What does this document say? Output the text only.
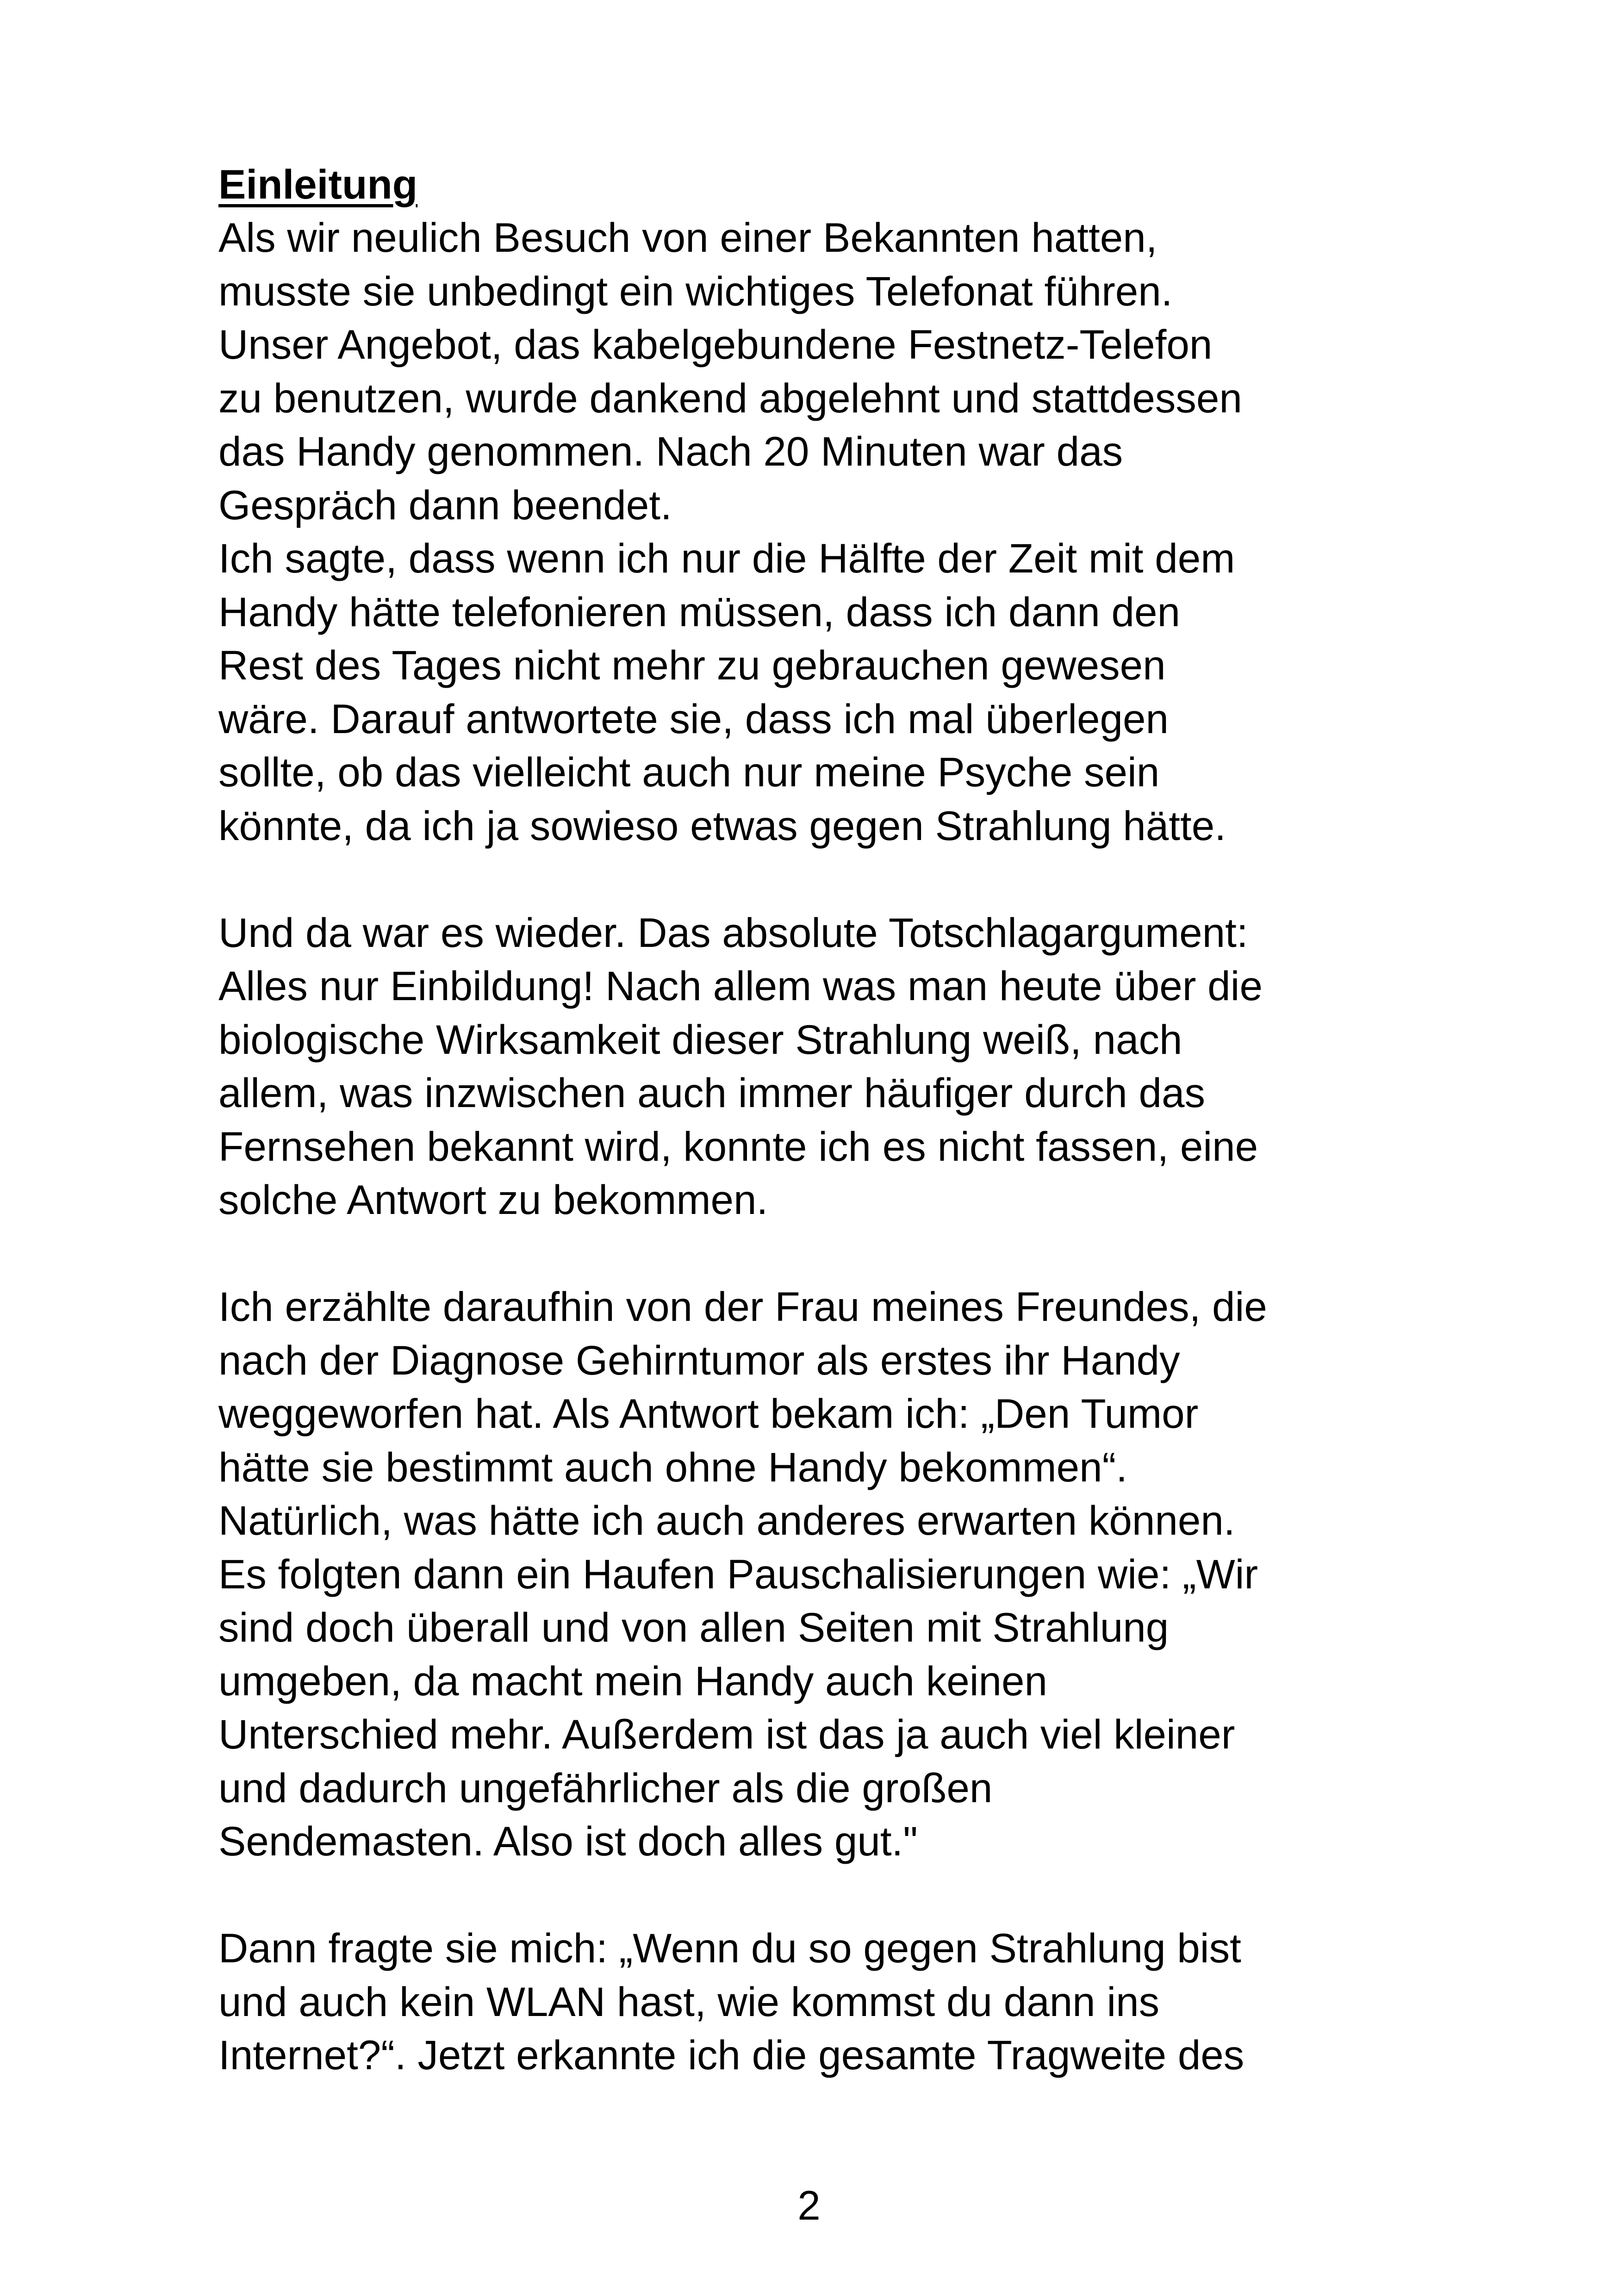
Einleitung

Als wir neulich Besuch von einer Bekannten hatten,
musste sie unbedingt ein wichtiges Telefonat führen.
Unser Angebot, das kabelgebundene Festnetz-Telefon
zu benutzen, wurde dankend abgelehnt und stattdessen
das Handy genommen. Nach 20 Minuten war das
Gespräch dann beendet.

Ich sagte, dass wenn ich nur die Hälfte der Zeit mit dem
Handy hätte telefonieren müssen, dass ich dann den
Rest des Tages nicht mehr zu gebrauchen gewesen
wäre. Darauf antwortete sie, dass ich mal überlegen
sollte, ob das vielleicht auch nur meine Psyche sein
könnte, da ich ja sowieso etwas gegen Strahlung hätte.

Und da war es wieder. Das absolute Totschlagargument:
Alles nur Einbildung! Nach allem was man heute über die
biologische Wirksamkeit dieser Strahlung weiß, nach
allem, was inzwischen auch immer häufiger durch das
Fernsehen bekannt wird, konnte ich es nicht fassen, eine
solche Antwort zu bekommen.

Ich erzählte daraufhin von der Frau meines Freundes, die
nach der Diagnose Gehirntumor als erstes ihr Handy
weggeworfen hat. Als Antwort bekam ich: „Den Tumor
hätte sie bestimmt auch ohne Handy bekommen“.
Natürlich, was hätte ich auch anderes erwarten können.
Es folgten dann ein Haufen Pauschalisierungen wie: „Wir
sind doch überall und von allen Seiten mit Strahlung
umgeben, da macht mein Handy auch keinen
Unterschied mehr. Außerdem ist das ja auch viel kleiner
und dadurch ungefährlicher als die großen
Sendemasten. Also ist doch alles gut."

Dann fragte sie mich: „Wenn du so gegen Strahlung bist
und auch kein WLAN hast, wie kommst du dann ins
Internet?“. Jetzt erkannte ich die gesamte Tragweite des

2
